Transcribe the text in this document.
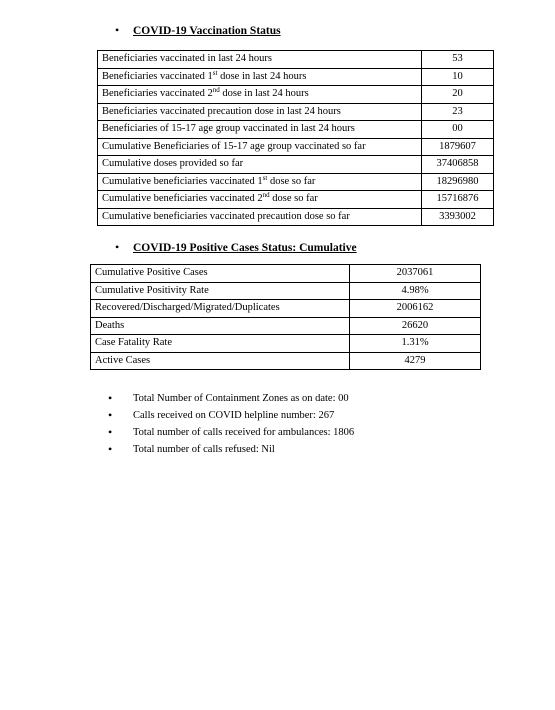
• COVID-19 Vaccination Status
Beneficiaries vaccinated in last 24 hours	53
Beneficiaries vaccinated 1st dose in last 24 hours	10
Beneficiaries vaccinated 2nd dose in last 24 hours	20
Beneficiaries vaccinated precaution dose in last 24 hours	23
Beneficiaries of 15-17 age group vaccinated in last 24 hours	00
Cumulative Beneficiaries of 15-17 age group vaccinated so far	1879607
Cumulative doses provided so far	37406858
Cumulative beneficiaries vaccinated 1st dose so far	18296980
Cumulative beneficiaries vaccinated 2nd dose so far	15716876
Cumulative beneficiaries vaccinated precaution dose so far	3393002
• COVID-19 Positive Cases Status: Cumulative
Cumulative Positive Cases	2037061
Cumulative Positivity Rate	4.98%
Recovered/Discharged/Migrated/Duplicates	2006162
Deaths	26620
Case Fatality Rate	1.31%
Active Cases	4279
• Total Number of Containment Zones as on date: 00
• Calls received on COVID helpline number: 267
• Total number of calls received for ambulances: 1806
• Total number of calls refused: Nil
